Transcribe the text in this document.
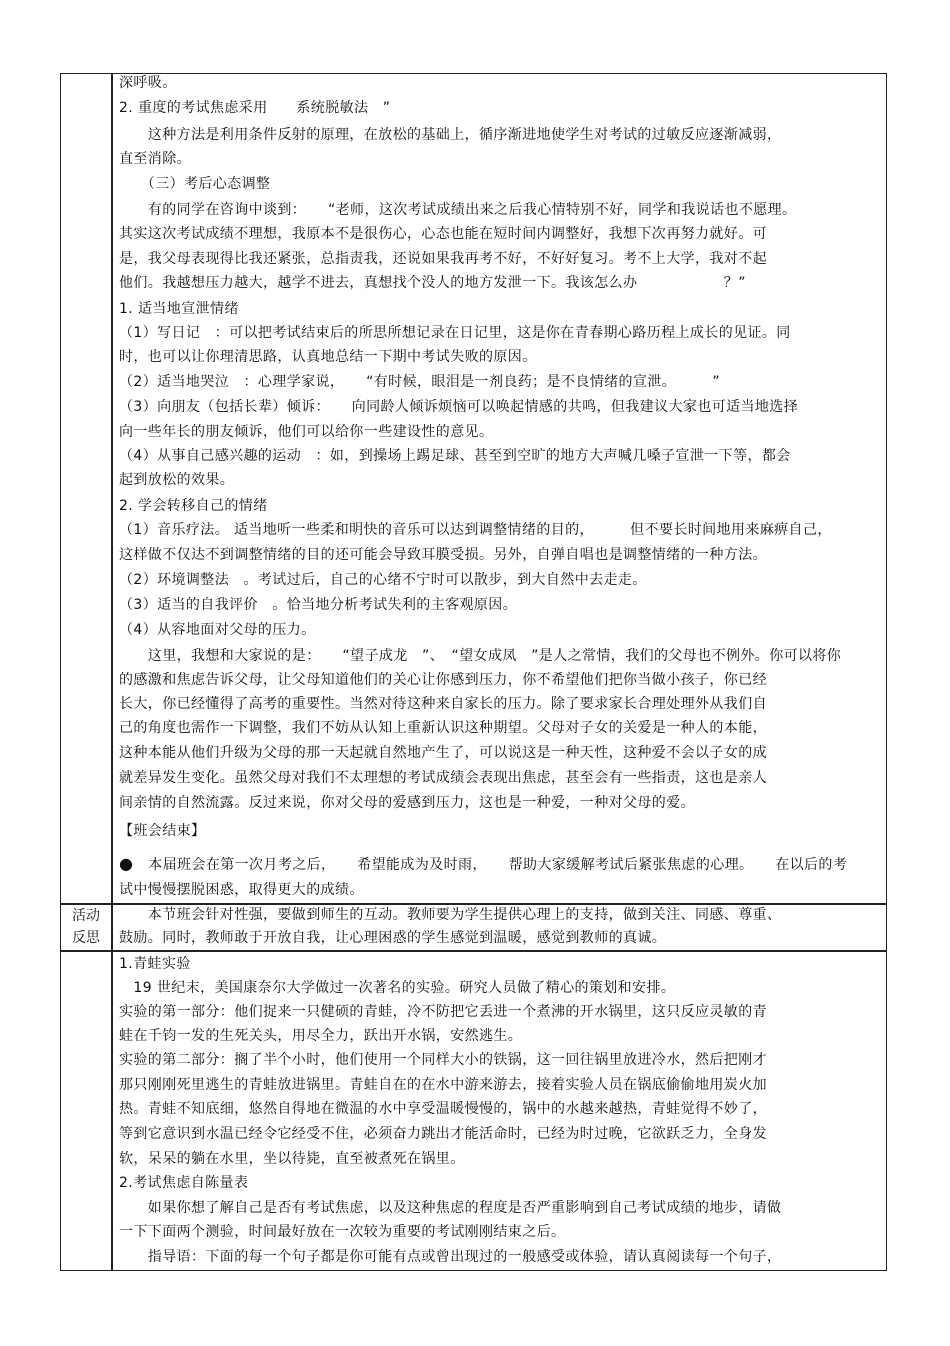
深呼吸。
2. 重度的考试焦虑采用　　系统脱敏法　”
　　这种方法是利用条件反射的原理，在放松的基础上，循序渐进地使学生对考试的过敏反应逐渐减弱，
直至消除。
　　（三）考后心态调整
　　有的同学在咨询中谈到：　　“老师，这次考试成绩出来之后我心情特别不好，同学和我说话也不愿理。
其实这次考试成绩不理想，我原本不是很伤心，心态也能在短时间内调整好，我想下次再努力就好。可
是，我父母表现得比我还紧张，总指责我，还说如果我再考不好，不好好复习。考不上大学，我对不起
他们。我越想压力越大，越学不进去，真想找个没人的地方发泄一下。我该怎么办　　　　　　？”
1. 适当地宣泄情绪
（1）写日记　：可以把考试结束后的所思所想记录在日记里，这是你在青春期心路历程上成长的见证。同
时，也可以让你理清思路，认真地总结一下期中考试失败的原因。
（2）适当地哭泣　：心理学家说，　　“有时候，眼泪是一剂良药；是不良情绪的宣泄。　　　”
（3）向朋友（包括长辈）倾诉：　　向同龄人倾诉烦恼可以唤起情感的共鸣，但我建议大家也可适当地选择
向一些年长的朋友倾诉，他们可以给你一些建设性的意见。
（4）从事自己感兴趣的运动　：如，到操场上踢足球、甚至到空旷的地方大声喊几嗓子宣泄一下等，都会
起到放松的效果。
2. 学会转移自己的情绪
（1）音乐疗法。 适当地听一些柔和明快的音乐可以达到调整情绪的目的，　　　但不要长时间地用来麻痹自己，
这样做不仅达不到调整情绪的目的还可能会导致耳膜受损。另外，自弹自唱也是调整情绪的一种方法。
（2）环境调整法　。考试过后，自己的心绪不宁时可以散步，到大自然中去走走。
（3）适当的自我评价　。恰当地分析考试失利的主客观原因。
（4）从容地面对父母的压力。
　　这里，我想和大家说的是：　　“望子成龙　”、　“望女成凤　”是人之常情，我们的父母也不例外。你可以将你
的感激和焦虑告诉父母，让父母知道他们的关心让你感到压力，你不希望他们把你当做小孩子，你已经
长大，你已经懂得了高考的重要性。当然对待这种来自家长的压力。除了要求家长合理处理外从我们自
己的角度也需作一下调整，我们不妨从认知上重新认识这种期望。父母对子女的关爱是一种人的本能，
这种本能从他们升级为父母的那一天起就自然地产生了，可以说这是一种天性，这种爱不会以子女的成
就差异发生变化。虽然父母对我们不太理想的考试成绩会表现出焦虑，甚至会有一些指责，这也是亲人
间亲情的自然流露。反过来说，你对父母的爱感到压力，这也是一种爱，一种对父母的爱。
【班会结束】
● 本届班会在第一次月考之后，　　希望能成为及时雨，　　帮助大家缓解考试后紧张焦虑的心理。　　在以后的考
试中慢慢摆脱困惑，取得更大的成绩。
活动
反思
　　本节班会针对性强，要做到师生的互动。教师要为学生提供心理上的支持，做到关注、同感、尊重、
鼓励。同时，教师敢于开放自我，让心理困惑的学生感觉到温暖，感觉到教师的真诚。
1.青蛙实验
　19 世纪末，美国康奈尔大学做过一次著名的实验。研究人员做了精心的策划和安排。
实验的第一部分：他们捉来一只健硕的青蛙，冷不防把它丢进一个煮沸的开水锅里，这只反应灵敏的青
蛙在千钧一发的生死关头，用尽全力，跃出开水锅，安然逃生。
实验的第二部分：搁了半个小时，他们使用一个同样大小的铁锅，这一回往锅里放进冷水，然后把刚才
那只刚刚死里逃生的青蛙放进锅里。青蛙自在的在水中游来游去，接着实验人员在锅底偷偷地用炭火加
热。青蛙不知底细，悠然自得地在微温的水中享受温暖慢慢的，锅中的水越来越热，青蛙觉得不妙了，
等到它意识到水温已经令它经受不住，必须奋力跳出才能活命时，已经为时过晚，它欲跃乏力，全身发
软，呆呆的躺在水里，坐以待毙，直至被煮死在锅里。
2.考试焦虑自陈量表
　　如果你想了解自己是否有考试焦虑，以及这种焦虑的程度是否严重影响到自己考试成绩的地步，请做
一下下面两个测验，时间最好放在一次较为重要的考试刚刚结束之后。
　　指导语：下面的每一个句子都是你可能有点或曾出现过的一般感受或体验，请认真阅读每一个句子，
